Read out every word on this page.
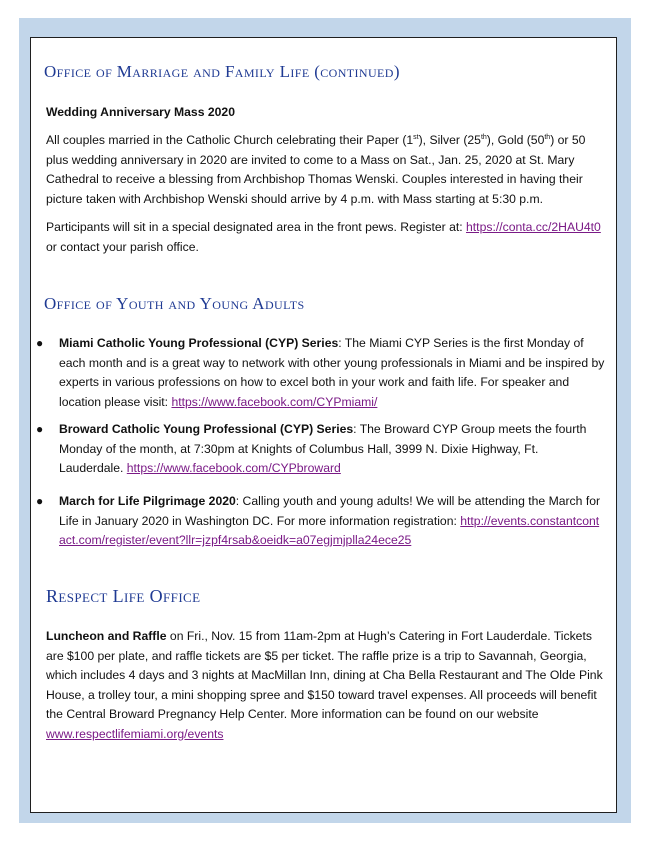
Office of Marriage and Family Life (continued)

Wedding Anniversary Mass 2020

All couples married in the Catholic Church celebrating their Paper (1st), Silver (25th), Gold (50th) or 50 plus wedding anniversary in 2020 are invited to come to a Mass on Sat., Jan. 25, 2020 at St. Mary Cathedral to receive a blessing from Archbishop Thomas Wenski. Couples interested in having their picture taken with Archbishop Wenski should arrive by 4 p.m. with Mass starting at 5:30 p.m.

Participants will sit in a special designated area in the front pews. Register at: https://conta.cc/2HAU4t0 or contact your parish office.

Office of Youth and Young Adults
● Miami Catholic Young Professional (CYP) Series: The Miami CYP Series is the first Monday of each month and is a great way to network with other young professionals in Miami and be inspired by experts in various professions on how to excel both in your work and faith life. For speaker and location please visit: https://www.facebook.com/CYPmiami/

● Broward Catholic Young Professional (CYP) Series: The Broward CYP Group meets the fourth Monday of the month, at 7:30pm at Knights of Columbus Hall, 3999 N. Dixie Highway, Ft. Lauderdale. https://www.facebook.com/CYPbroward

● March for Life Pilgrimage 2020: Calling youth and young adults! We will be attending the March for Life in January 2020 in Washington DC. For more information registration: http://events.constantcontact.com/register/event?llr=jzpf4rsab&oeidk=a07egjmjplla24ece25

Respect Life Office

Luncheon and Raffle on Fri., Nov. 15 from 11am-2pm at Hugh’s Catering in Fort Lauderdale. Tickets are $100 per plate, and raffle tickets are $5 per ticket. The raffle prize is a trip to Savannah, Georgia, which includes 4 days and 3 nights at MacMillan Inn, dining at Cha Bella Restaurant and The Olde Pink House, a trolley tour, a mini shopping spree and $150 toward travel expenses. All proceeds will benefit the Central Broward Pregnancy Help Center. More information can be found on our website www.respectlifemiami.org/events
